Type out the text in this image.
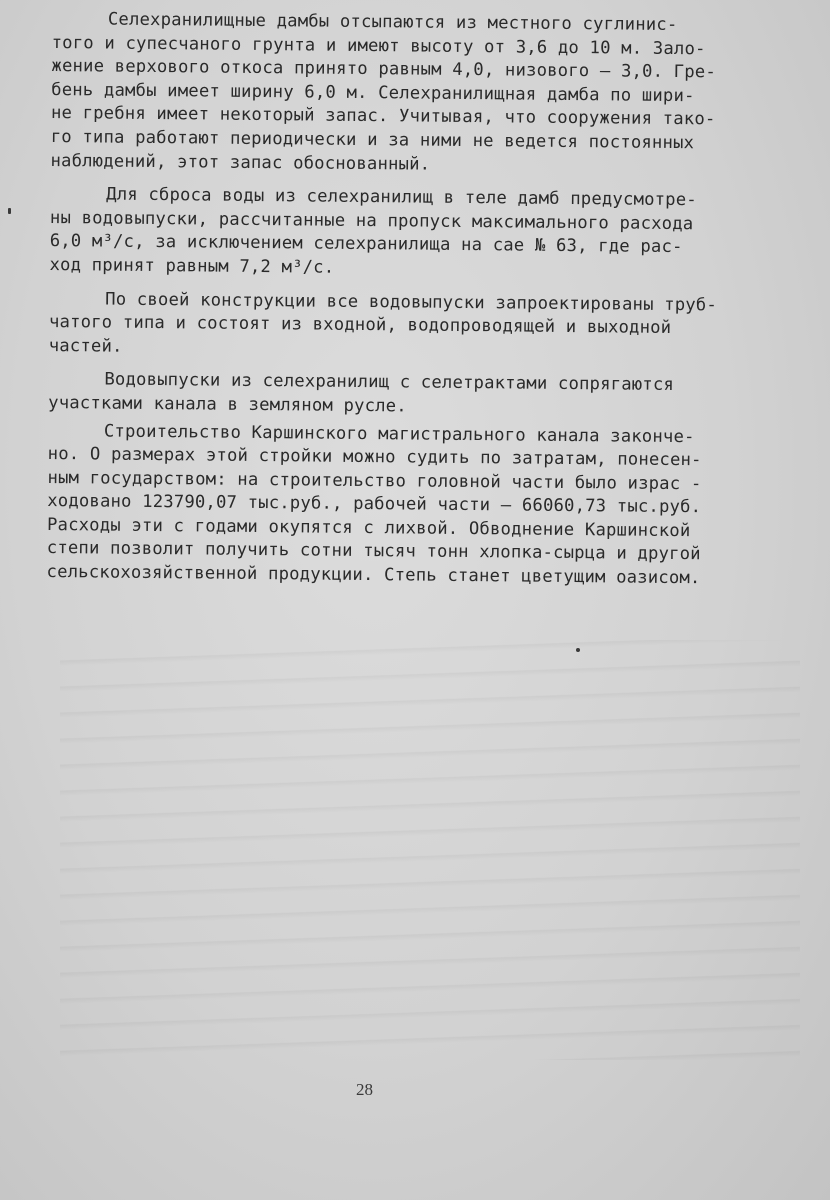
Селехранилищные дамбы отсыпаются из местного суглинис-
того и супесчаного грунта и имеют высоту от 3,6 до 10 м. Зало-
жение верхового откоса принято равным 4,0, низового – 3,0. Гре-
бень дамбы имеет ширину 6,0 м. Селехранилищная дамба по шири-
не гребня имеет некоторый запас. Учитывая, что сооружения тако-
го типа работают периодически и за ними не ведется постоянных
наблюдений, этот запас обоснованный.
Для сброса воды из селехранилищ в теле дамб предусмотре-
ны водовыпуски, рассчитанные на пропуск максимального расхода
6,0 м³/с, за исключением селехранилища на сае № 63, где рас-
ход принят равным 7,2 м³/с.
По своей конструкции все водовыпуски запроектированы труб-
чатого типа и состоят из входной, водопроводящей и выходной
частей.
Водовыпуски из селехранилищ с селетрактами сопрягаются
участками канала в земляном русле.
Строительство Каршинского магистрального канала законче-
но. О размерах этой стройки можно судить по затратам, понесен-
ным государством: на строительство головной части было израс -
ходовано 123790,07 тыс.руб., рабочей части – 66060,73 тыс.руб.
Расходы эти с годами окупятся с лихвой. Обводнение Каршинской
степи позволит получить сотни тысяч тонн хлопка-сырца и другой
сельскохозяйственной продукции. Степь станет цветущим оазисом.
28
